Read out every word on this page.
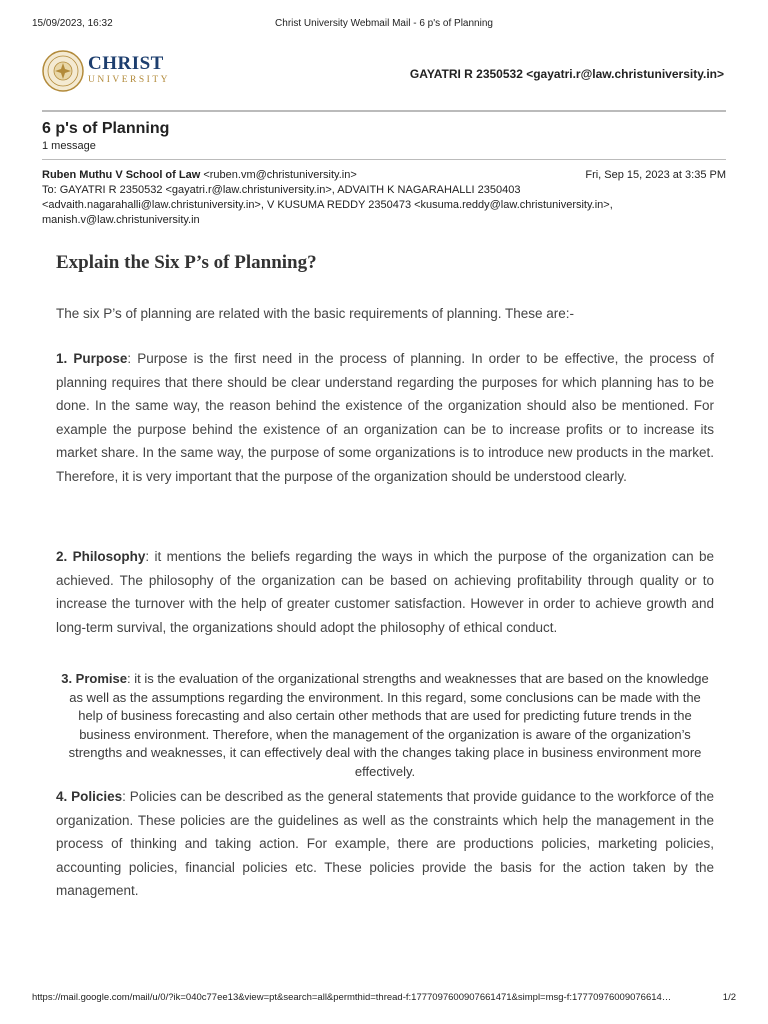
15/09/2023, 16:32	Christ University Webmail Mail - 6 p's of Planning
CHRIST
UNIVERSITY	GAYATRI R 2350532 <gayatri.r@law.christuniversity.in>
6 p's of Planning
1 message
Ruben Muthu V School of Law <ruben.vm@christuniversity.in>	Fri, Sep 15, 2023 at 3:35 PM
To: GAYATRI R 2350532 <gayatri.r@law.christuniversity.in>, ADVAITH K NAGARAHALLI 2350403
<advaith.nagarahalli@law.christuniversity.in>, V KUSUMA REDDY 2350473 <kusuma.reddy@law.christuniversity.in>,
manish.v@law.christuniversity.in
Explain the Six P’s of Planning?
The six P’s of planning are related with the basic requirements of planning. These are:-
1. Purpose: Purpose is the first need in the process of planning. In order to be effective, the process of planning requires that there should be clear understand regarding the purposes for which planning has to be done. In the same way, the reason behind the existence of the organization should also be mentioned. For example the purpose behind the existence of an organization can be to increase profits or to increase its market share. In the same way, the purpose of some organizations is to introduce new products in the market. Therefore, it is very important that the purpose of the organization should be understood clearly.
2. Philosophy: it mentions the beliefs regarding the ways in which the purpose of the organization can be achieved. The philosophy of the organization can be based on achieving profitability through quality or to increase the turnover with the help of greater customer satisfaction. However in order to achieve growth and long-term survival, the organizations should adopt the philosophy of ethical conduct.
3. Promise: it is the evaluation of the organizational strengths and weaknesses that are based on the knowledge as well as the assumptions regarding the environment. In this regard, some conclusions can be made with the help of business forecasting and also certain other methods that are used for predicting future trends in the business environment. Therefore, when the management of the organization is aware of the organization’s strengths and weaknesses, it can effectively deal with the changes taking place in business environment more effectively.
4. Policies: Policies can be described as the general statements that provide guidance to the workforce of the organization. These policies are the guidelines as well as the constraints which help the management in the process of thinking and taking action. For example, there are productions policies, marketing policies, accounting policies, financial policies etc. These policies provide the basis for the action taken by the management.
https://mail.google.com/mail/u/0/?ik=040c77ee13&view=pt&search=all&permthid=thread-f:1777097600907661471&simpl=msg-f:17770976009076614…	1/2
